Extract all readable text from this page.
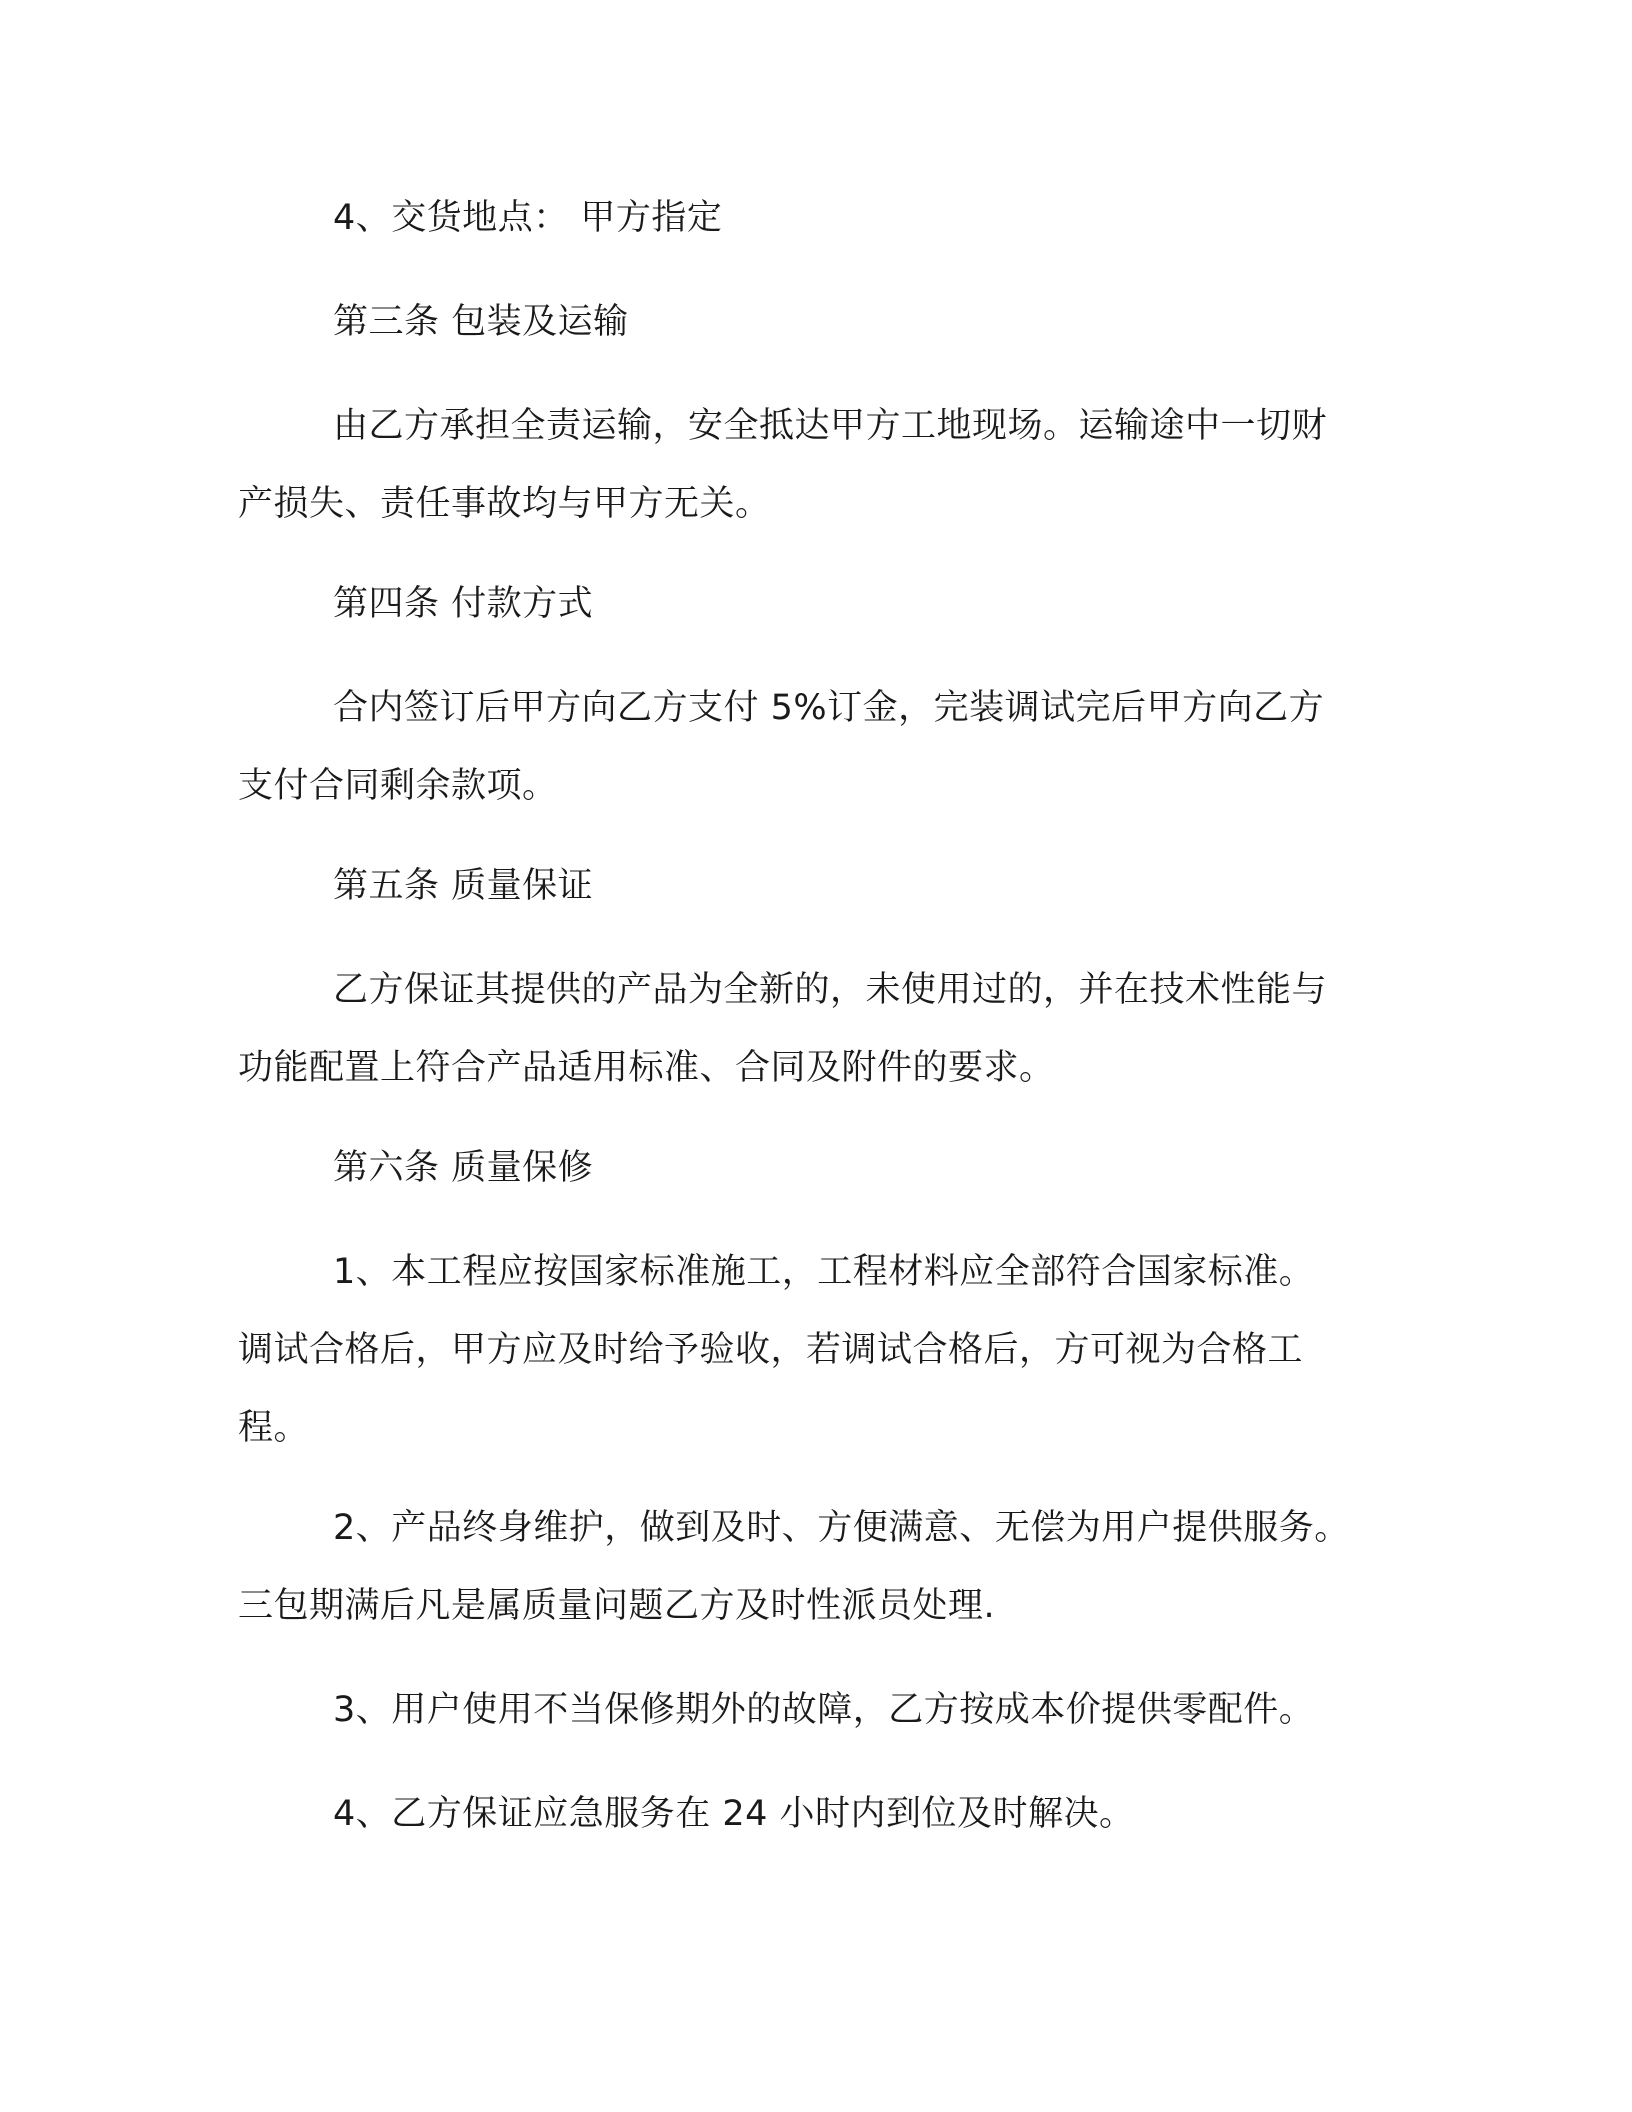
4、交货地点： 甲方指定
第三条 包装及运输
由乙方承担全责运输，安全抵达甲方工地现场。运输途中一切财
产损失、责任事故均与甲方无关。
第四条 付款方式
合内签订后甲方向乙方支付 5%订金，完装调试完后甲方向乙方
支付合同剩余款项。
第五条 质量保证
乙方保证其提供的产品为全新的，未使用过的，并在技术性能与
功能配置上符合产品适用标准、合同及附件的要求。
第六条 质量保修
1、本工程应按国家标准施工，工程材料应全部符合国家标准。
调试合格后，甲方应及时给予验收，若调试合格后，方可视为合格工
程。
2、产品终身维护，做到及时、方便满意、无偿为用户提供服务。
三包期满后凡是属质量问题乙方及时性派员处理.
3、用户使用不当保修期外的故障，乙方按成本价提供零配件。
4、乙方保证应急服务在 24 小时内到位及时解决。
